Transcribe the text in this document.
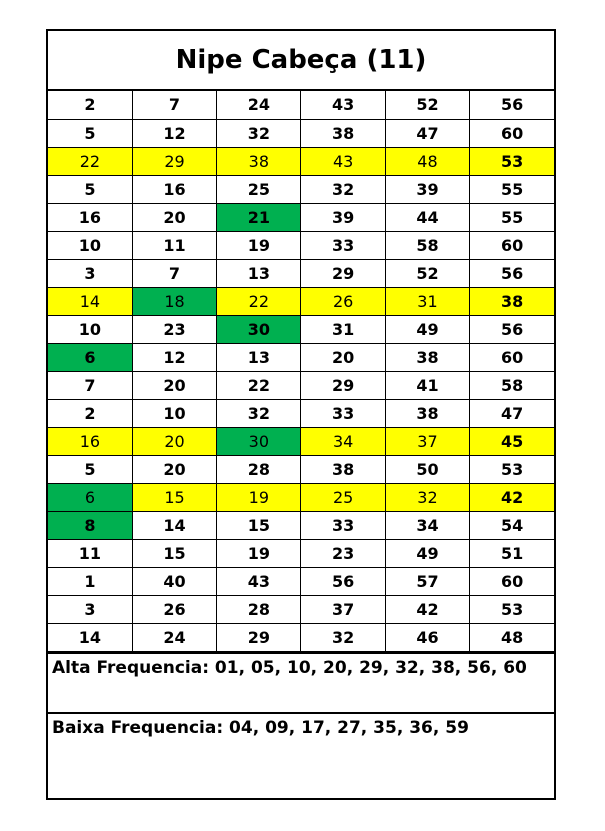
Nipe Cabeça (11)
2	7	24	43	52	56
5	12	32	38	47	60
22	29	38	43	48	53
5	16	25	32	39	55
16	20	21	39	44	55
10	11	19	33	58	60
3	7	13	29	52	56
14	18	22	26	31	38
10	23	30	31	49	56
6	12	13	20	38	60
7	20	22	29	41	58
2	10	32	33	38	47
16	20	30	34	37	45
5	20	28	38	50	53
6	15	19	25	32	42
8	14	15	33	34	54
11	15	19	23	49	51
1	40	43	56	57	60
3	26	28	37	42	53
14	24	29	32	46	48
Alta Frequencia: 01, 05, 10, 20, 29, 32, 38, 56, 60
Baixa Frequencia: 04, 09, 17, 27, 35, 36, 59
